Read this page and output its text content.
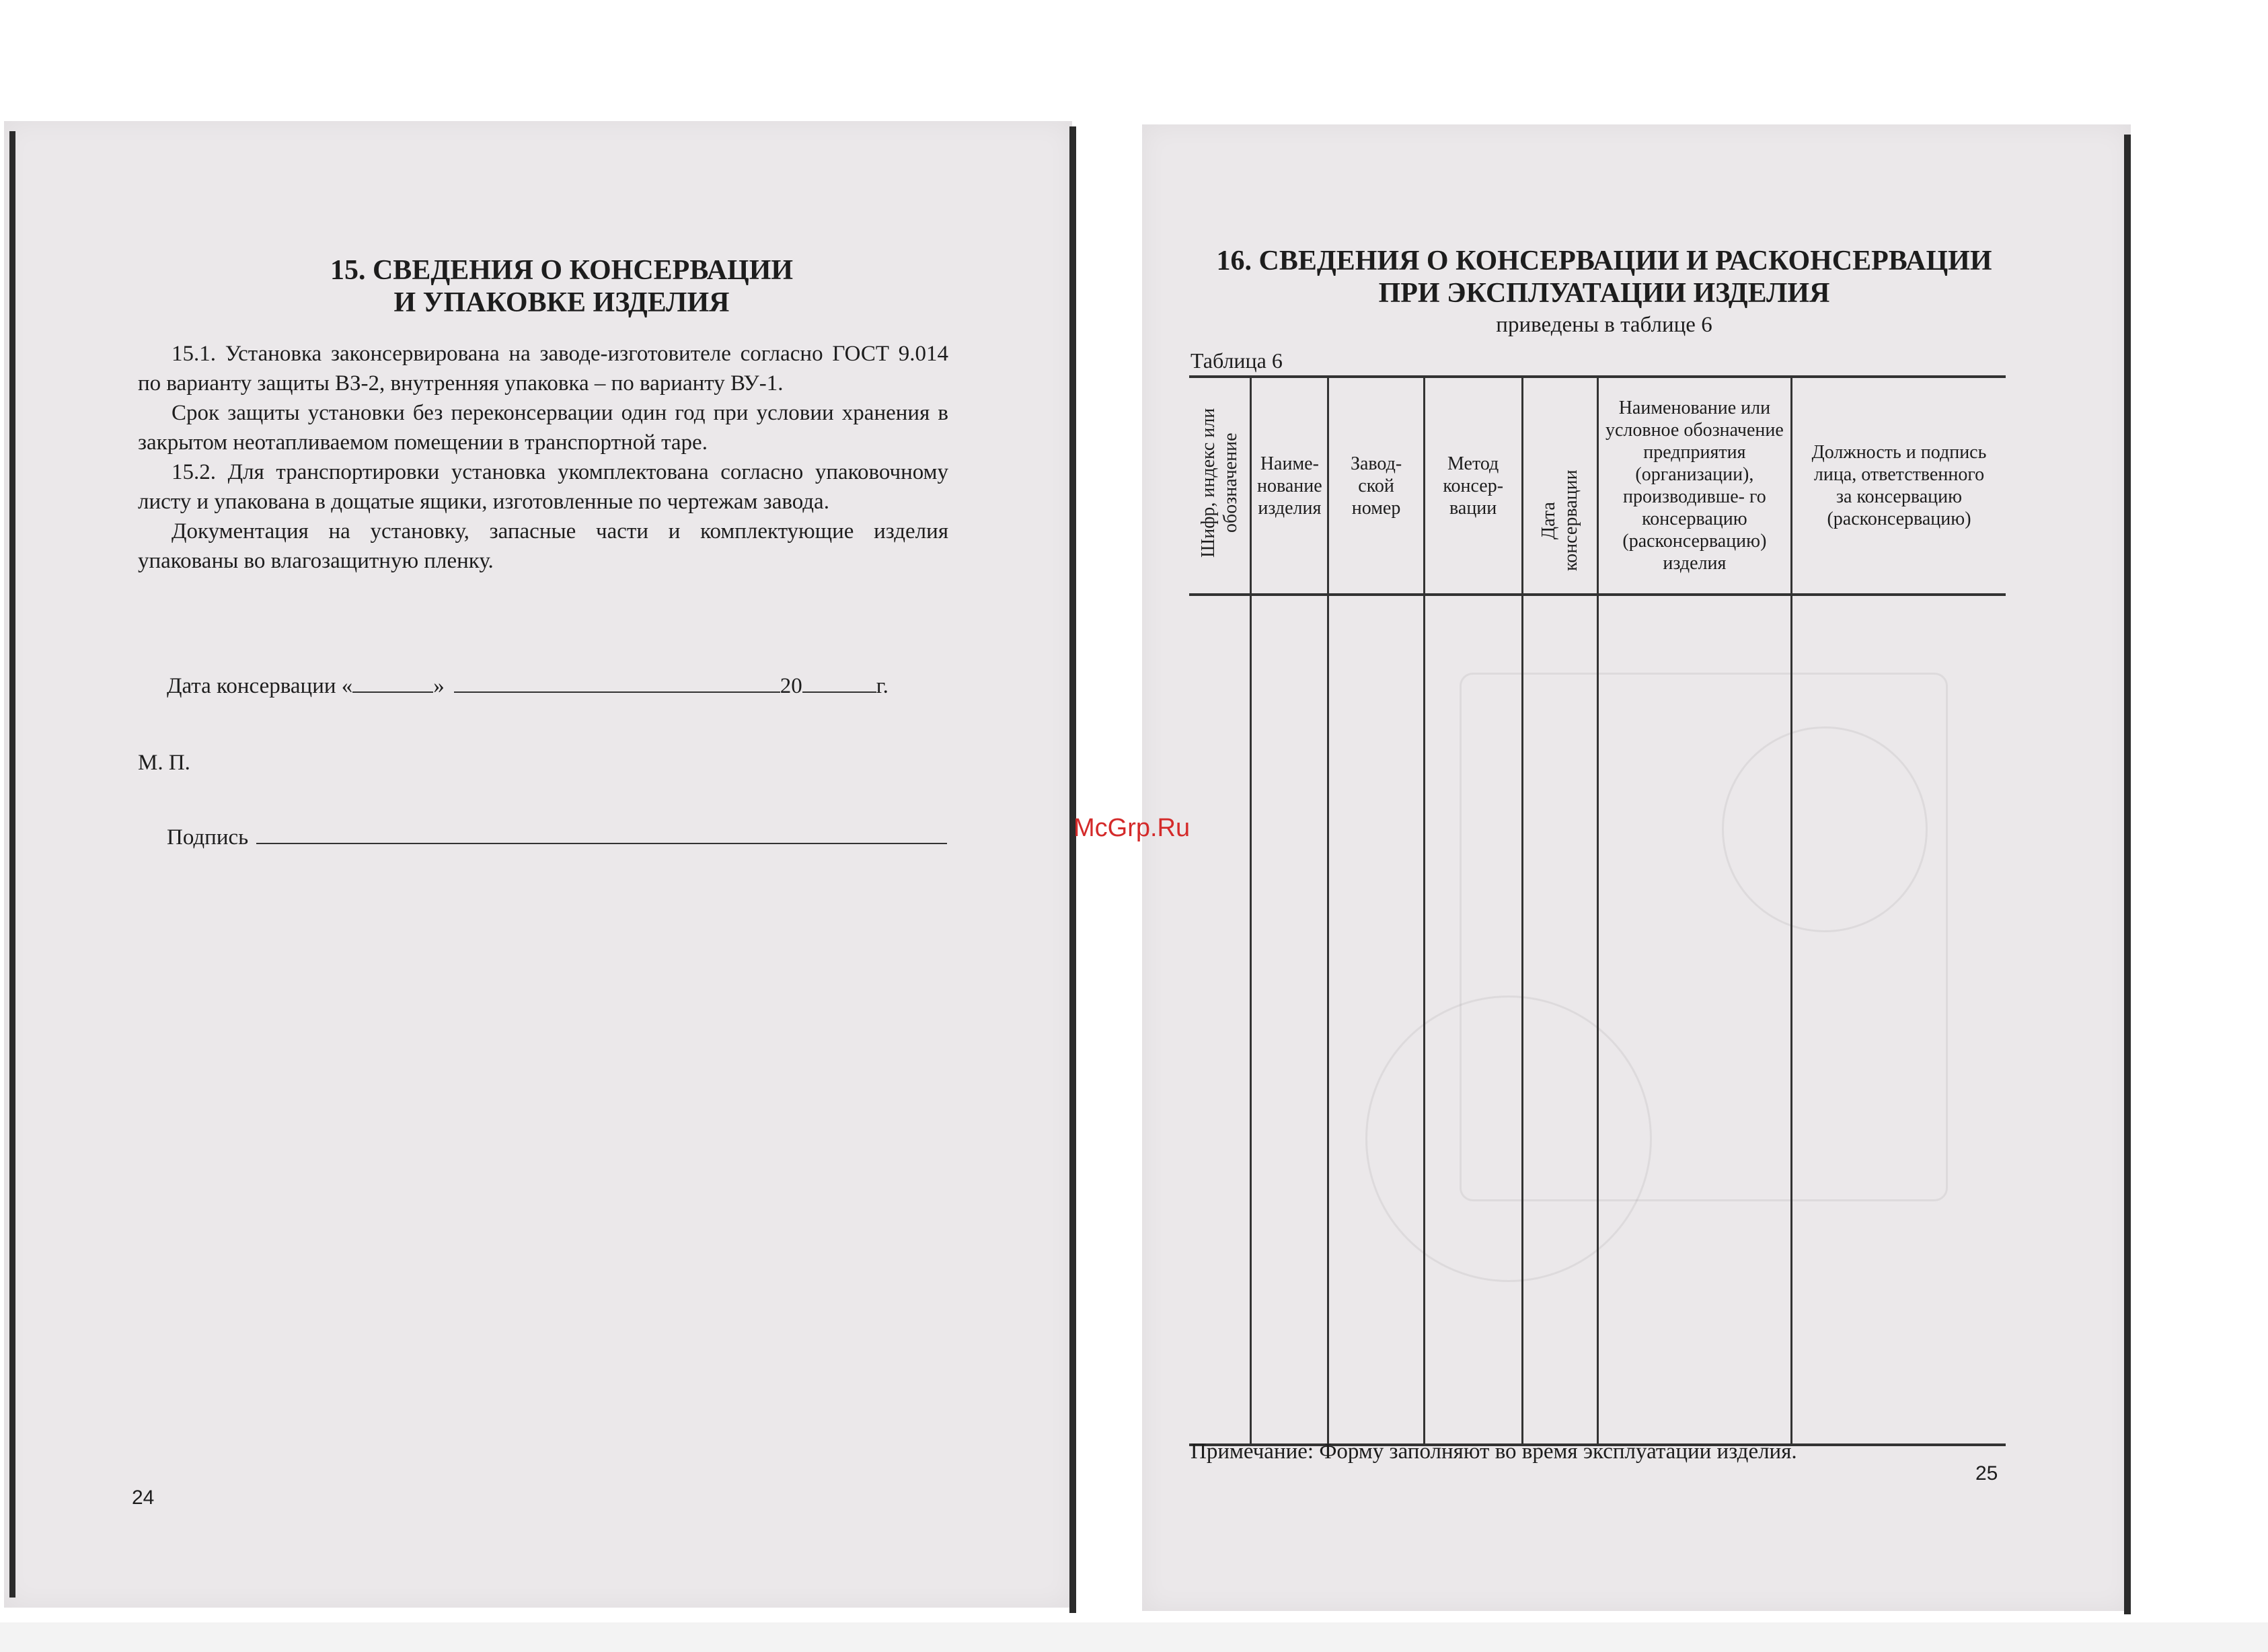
15. СВЕДЕНИЯ О КОНСЕРВАЦИИ
И УПАКОВКЕ ИЗДЕЛИЯ
15.1. Установка законсервирована на заводе-изготовителе согласно ГОСТ 9.014 по варианту защиты ВЗ-2, внутренняя упаковка – по варианту ВУ-1.
Срок защиты установки без переконсервации один год при условии хранения в закрытом неотапливаемом помещении в транспортной таре.
15.2. Для транспортировки установка укомплектована согласно упаковочному листу и упакована в дощатые ящики, изготовленные по чертежам завода.
Документация на установку, запасные части и комплектующие изделия упакованы во влагозащитную пленку.
Дата консервации «	»	20	г.
М. П.
Подпись
24
McGrp.Ru
16. СВЕДЕНИЯ О КОНСЕРВАЦИИ И РАСКОНСЕРВАЦИИ
ПРИ ЭКСПЛУАТАЦИИ ИЗДЕЛИЯ
приведены в таблице 6
Таблица 6
Шифр, индекс или обозначение	Наиме- нование изделия	Завод- ской номер	Метод консер- вации	Дата консервации	Наименование или условное обозначение предприятия (организации), производивше- го консервацию (расконсервацию) изделия	Должность и подпись лица, ответственного за консервацию (расконсервацию)

Примечание: Форму заполняют во время эксплуатации изделия.
25
